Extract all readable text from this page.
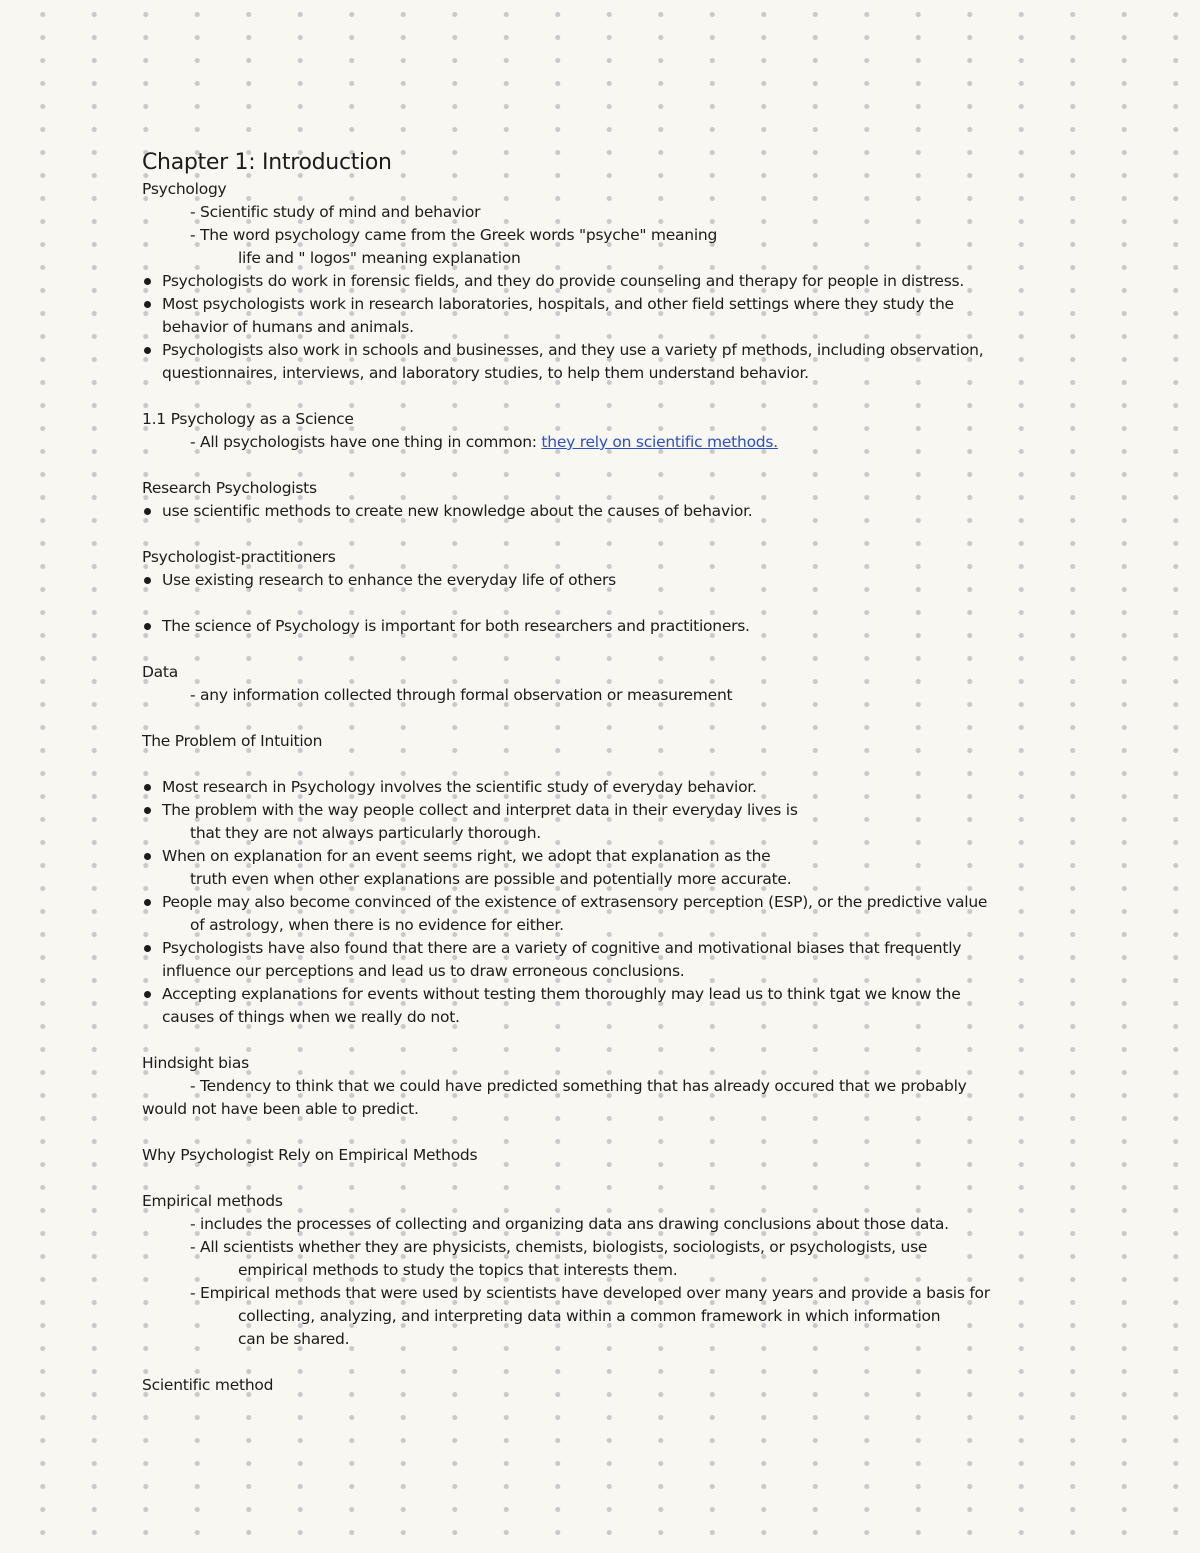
Chapter 1: Introduction
Psychology
- Scientific study of mind and behavior
- The word psychology came from the Greek words "psyche" meaning
life and " logos" meaning explanation
Psychologists do work in forensic fields, and they do provide counseling and therapy for people in distress.
Most psychologists work in research laboratories, hospitals, and other field settings where they study the
behavior of humans and animals.
Psychologists also work in schools and businesses, and they use a variety pf methods, including observation,
questionnaires, interviews, and laboratory studies, to help them understand behavior.
1.1 Psychology as a Science
- All psychologists have one thing in common: they rely on scientific methods.
Research Psychologists
use scientific methods to create new knowledge about the causes of behavior.
Psychologist-practitioners
Use existing research to enhance the everyday life of others
The science of Psychology is important for both researchers and practitioners.
Data
- any information collected through formal observation or measurement
The Problem of Intuition
Most research in Psychology involves the scientific study of everyday behavior.
The problem with the way people collect and interpret data in their everyday lives is
that they are not always particularly thorough.
When on explanation for an event seems right, we adopt that explanation as the
truth even when other explanations are possible and potentially more accurate.
People may also become convinced of the existence of extrasensory perception (ESP), or the predictive value
of astrology, when there is no evidence for either.
Psychologists have also found that there are a variety of cognitive and motivational biases that frequently
influence our perceptions and lead us to draw erroneous conclusions.
Accepting explanations for events without testing them thoroughly may lead us to think tgat we know the
causes of things when we really do not.
Hindsight bias
- Tendency to think that we could have predicted something that has already occured that we probably
would not have been able to predict.
Why Psychologist Rely on Empirical Methods
Empirical methods
- includes the processes of collecting and organizing data ans drawing conclusions about those data.
- All scientists whether they are physicists, chemists, biologists, sociologists, or psychologists, use
empirical methods to study the topics that interests them.
- Empirical methods that were used by scientists have developed over many years and provide a basis for
collecting, analyzing, and interpreting data within a common framework in which information
can be shared.
Scientific method
